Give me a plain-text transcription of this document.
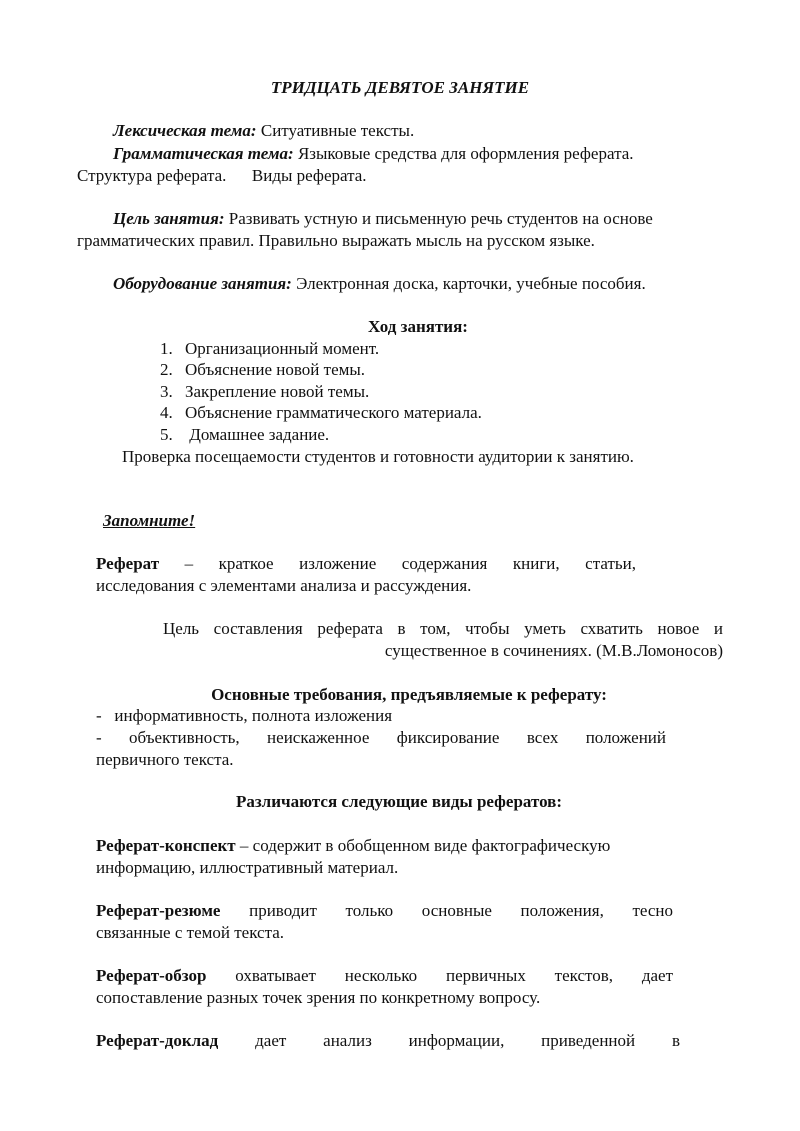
ТРИДЦАТЬ ДЕВЯТОЕ ЗАНЯТИЕ
Лексическая тема: Ситуативные тексты.
Грамматическая тема: Языковые средства для оформления реферата.
Структура реферата.      Виды реферата.
Цель занятия: Развивать устную и письменную речь студентов на основе
грамматических правил. Правильно выражать мысль на русском языке.
Оборудование занятия: Электронная доска, карточки, учебные пособия.
Ход занятия:
1. Организационный момент.
2. Объяснение новой темы.
3. Закрепление новой темы.
4. Объяснение грамматического материала.
5. Домашнее задание.
Проверка посещаемости студентов и готовности аудитории к занятию.
Запомните!
Реферат – краткое изложение содержания книги, статьи,
исследования с элементами анализа и рассуждения.
Цель составления реферата в том, чтобы уметь схватить новое и
существенное в сочинениях. (М.В.Ломоносов)
Основные требования, предъявляемые к реферату:
-   информативность, полнота изложения
- объективность, неискаженное фиксирование всех положений
первичного текста.
Различаются следующие виды рефератов:
Реферат-конспект – содержит в обобщенном виде фактографическую
информацию, иллюстративный материал.
Реферат-резюме приводит только основные положения, тесно
связанные с темой текста.
Реферат-обзор охватывает несколько первичных текстов, дает
сопоставление разных точек зрения по конкретному вопросу.
Реферат-доклад дает анализ информации, приведенной в
